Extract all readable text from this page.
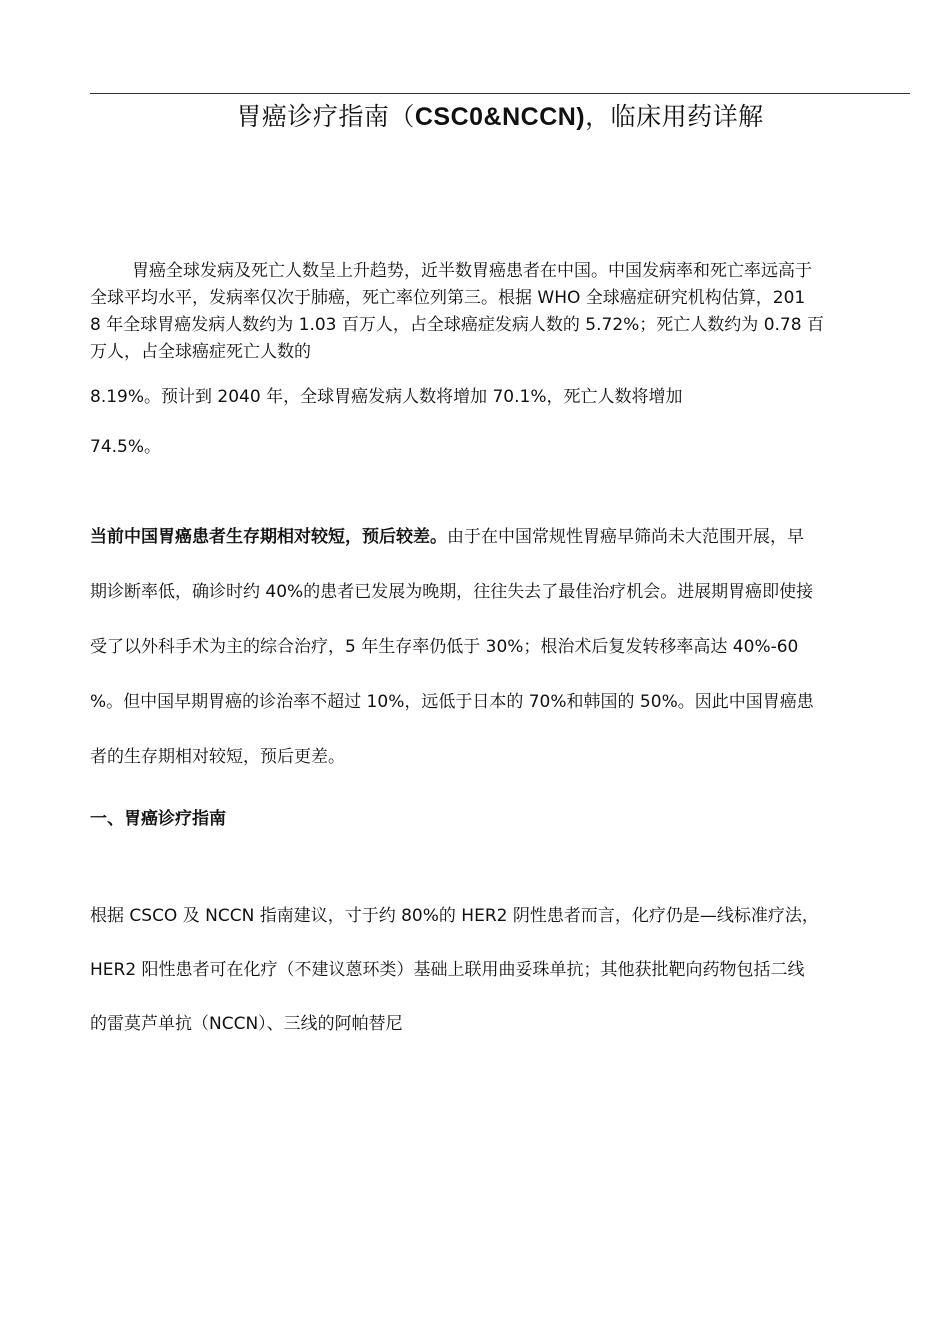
胃癌诊疗指南（CSC0&NCCN)，临床用药详解
胃癌全球发病及死亡人数呈上升趋势，近半数胃癌患者在中国。中国发病率和死亡率远高于
全球平均水平，发病率仅次于肺癌，死亡率位列第三。根据 WHO 全球癌症研究机构估算，201
8 年全球胃癌发病人数约为 1.03 百万人，占全球癌症发病人数的 5.72%；死亡人数约为 0.78 百
万人，占全球癌症死亡人数的
8.19%。预计到 2040 年，全球胃癌发病人数将增加 70.1%，死亡人数将增加
74.5%。
当前中国胃癌患者生存期相对较短，预后较差。由于在中国常规性胃癌早筛尚未大范围开展，早
期诊断率低，确诊时约 40%的患者已发展为晚期，往往失去了最佳治疗机会。进展期胃癌即使接
受了以外科手术为主的综合治疗，5 年生存率仍低于 30%；根治术后复发转移率高达 40%-60
%。但中国早期胃癌的诊治率不超过 10%，远低于日本的 70%和韩国的 50%。因此中国胃癌患
者的生存期相对较短，预后更差。
一、胃癌诊疗指南
根据 CSCO 及 NCCN 指南建议，寸于约 80%的 HER2 阴性患者而言，化疗仍是—线标准疗法，
HER2 阳性患者可在化疗（不建议蒽环类）基础上联用曲妥珠单抗；其他获批靶向药物包括二线
的雷莫芦单抗（NCCN）、三线的阿帕替尼
